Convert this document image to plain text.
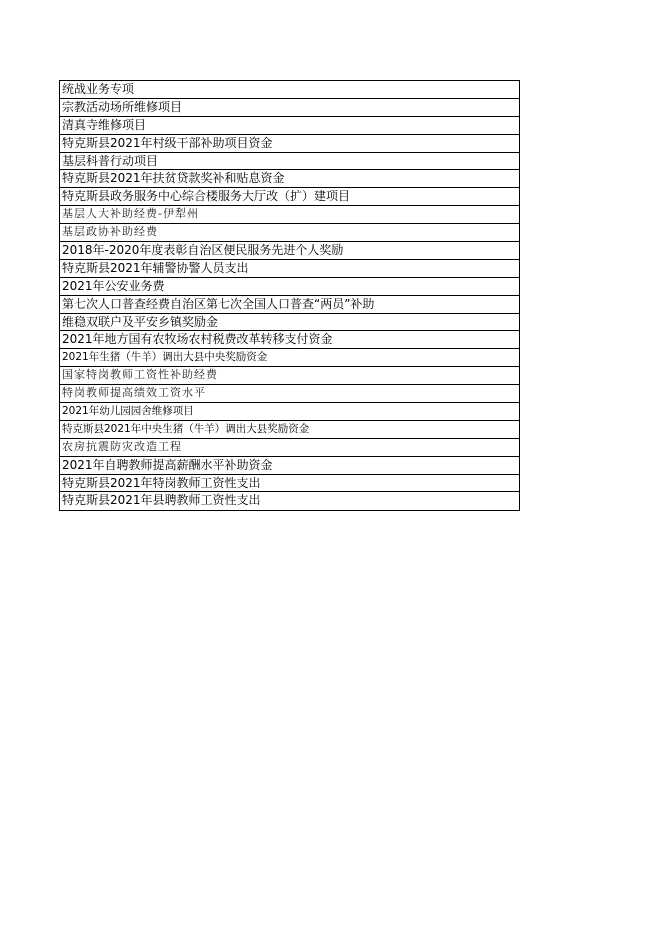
统战业务专项
宗教活动场所维修项目
清真寺维修项目
特克斯县2021年村级干部补助项目资金
基层科普行动项目
特克斯县2021年扶贫贷款奖补和贴息资金
特克斯县政务服务中心综合楼服务大厅改（扩）建项目
基层人大补助经费-伊犁州
基层政协补助经费
2018年-2020年度表彰自治区便民服务先进个人奖励
特克斯县2021年辅警协警人员支出
2021年公安业务费
第七次人口普查经费自治区第七次全国人口普查“两员”补助
维稳双联户及平安乡镇奖励金
2021年地方国有农牧场农村税费改革转移支付资金
2021年生猪（牛羊）调出大县中央奖励资金
国家特岗教师工资性补助经费
特岗教师提高绩效工资水平
2021年幼儿园园舍维修项目
特克斯县2021年中央生猪（牛羊）调出大县奖励资金
农房抗震防灾改造工程
2021年自聘教师提高薪酬水平补助资金
特克斯县2021年特岗教师工资性支出
特克斯县2021年县聘教师工资性支出
